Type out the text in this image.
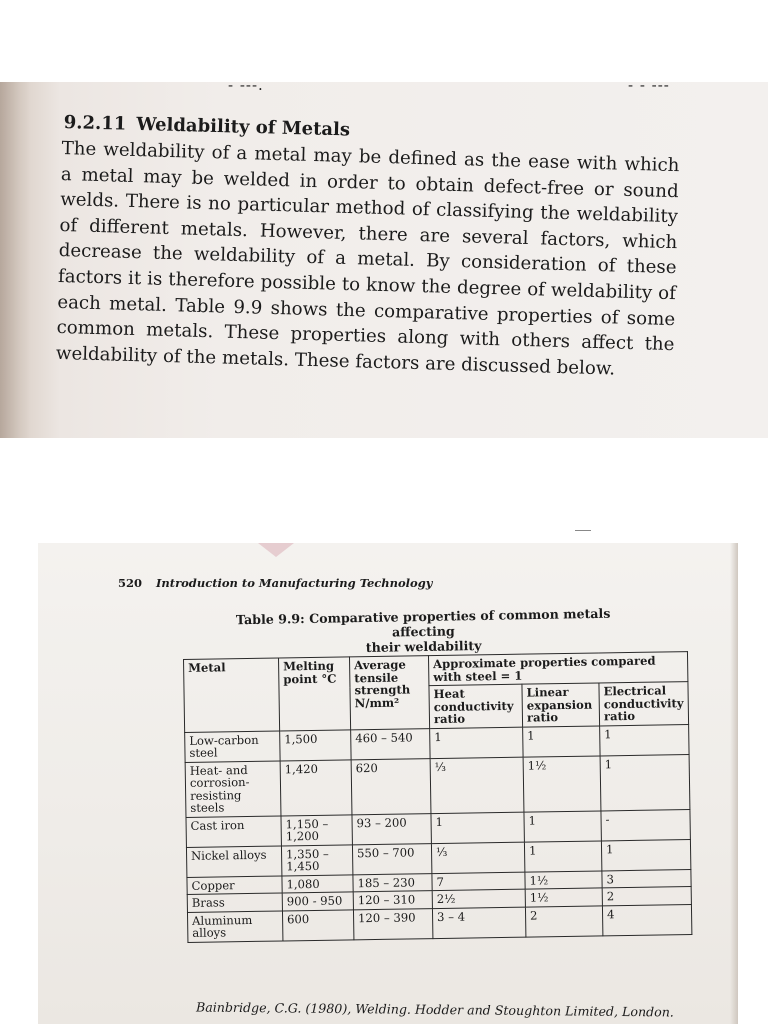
- ---.	- - ---
9.2.11 Weldability of Metals

The weldability of a metal may be defined as the ease with which a metal may be welded in order to obtain defect-free or sound welds. There is no particular method of classifying the weldability of different metals. However, there are several factors, which decrease the weldability of a metal. By consideration of these factors it is therefore possible to know the degree of weldability of each metal. Table 9.9 shows the comparative properties of some common metals. These properties along with others affect the weldability of the metals. These factors are discussed below.

520 Introduction to Manufacturing Technology
Table 9.9: Comparative properties of common metals affecting
their weldability
Metal	Melting point °C	Average tensile strength N/mm²	Approximate properties compared with steel = 1		
			Heat conductivity ratio	Linear expansion ratio	Electrical conductivity ratio
Low-carbon steel	1,500	460 – 540	1	1	1
Heat- and corrosion-resisting steels	1,420	620	⅓	1½	1
Cast iron	1,150 – 1,200	93 – 200	1	1	-
Nickel alloys	1,350 – 1,450	550 – 700	⅓	1	1
Copper	1,080	185 – 230	7	1½	3
Brass	900 - 950	120 – 310	2½	1½	2
Aluminum alloys	600	120 – 390	3 – 4	2	4
Bainbridge, C.G. (1980), Welding. Hodder and Stoughton Limited, London.
